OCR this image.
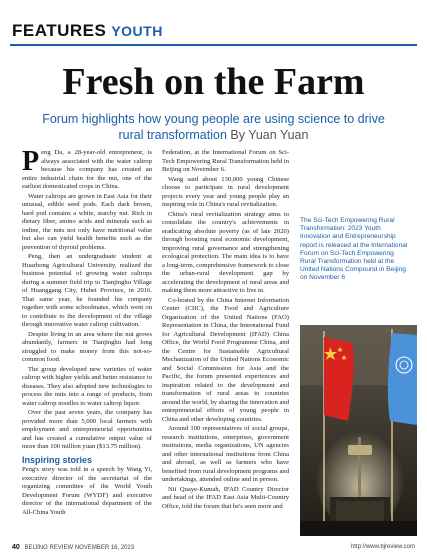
FEATURES YOUTH
Fresh on the Farm
Forum highlights how young people are using science to drive rural transformation By Yuan Yuan

Peng Da, a 28-year-old entrepreneur, is always associated with the water caltrop because his company has created an entire industrial chain for the nut, one of the earliest domesticated crops in China.

Water caltrops are grown in East Asia for their unusual, edible seed pods. Each dark brown, hard pod contains a white, starchy nut. Rich in dietary fiber, amino acids and minerals such as iodine, the nuts not only have nutritional value but also can yield health benefits such as the prevention of thyroid problems.

Peng, then an undergraduate student at Huazhong Agricultural University, realized the business potential of growing water caltrops during a summer field trip to Tianjinghu Village of Huanggang City, Hubei Province, in 2016. That same year, he founded his company together with some schoolmates, which went on to contribute to the development of the village through innovative water caltrop cultivation.

Despite living in an area where the nut grows abundantly, farmers in Tianjinghu had long struggled to make money from this not-so-common food.

The group developed new varieties of water caltrop with higher yields and better resistance to diseases. They also adopted new technologies to process the nuts into a range of products, from water caltrop noodles to water caltrop liquor.

Over the past seven years, the company has provided more than 5,000 local farmers with employment and entrepreneurial opportunities and has created a cumulative output value of more than 100 million yuan ($13.75 million).

Inspiring stories

Peng's story was told in a speech by Wang Yi, executive director of the secretariat of the organizing committee of the World Youth Development Forum (WYDF) and executive director of the international department of the All-China Youth

Federation, at the International Forum on Sci-Tech Empowering Rural Transformation held in Beijing on November 6.

Wang said about 130,000 young Chinese choose to participate in rural development projects every year and young people play an inspiring role in China's rural revitalization.

China's rural revitalization strategy aims to consolidate the country's achievements in eradicating absolute poverty (as of late 2020) through boosting rural economic development, improving rural governance and strengthening ecological protection. The main idea is to have a long-term, comprehensive framework to close the urban-rural development gap by accelerating the development of rural areas and making them more attractive to live in.

Co-hosted by the China Internet Information Center (CIIC), the Food and Agriculture Organization of the United Nations (FAO) Representation in China, the International Fund for Agricultural Development (IFAD) China Office, the World Food Programme China, and the Centre for Sustainable Agricultural Mechanization of the United Nations Economic and Social Commission for Asia and the Pacific, the forum presented experiences and inspiration related to the development and transformation of rural areas to countries around the world, by sharing the innovation and entrepreneurial efforts of young people in China and other developing countries.

Around 100 representatives of social groups, research institutions, enterprises, government institutions, media organizations, UN agencies and other international institutions from China and abroad, as well as farmers who have benefited from rural development programs and undertakings, attended online and in person.

Nii Quaye-Kumah, IFAD Country Director and head of the IFAD East Asia Multi-Country Office, told the forum that he's seen more and

The Sci-Tech Empowering Rural Transformation: 2023 Youth Innovation and Entrepreneurship report is released at the International Forum on Sci-Tech Empowering Rural Transformation held at the United Nations Compound in Beijing on November 6
40 BEIJING REVIEW NOVEMBER 16, 2023	http://www.bjreview.com
